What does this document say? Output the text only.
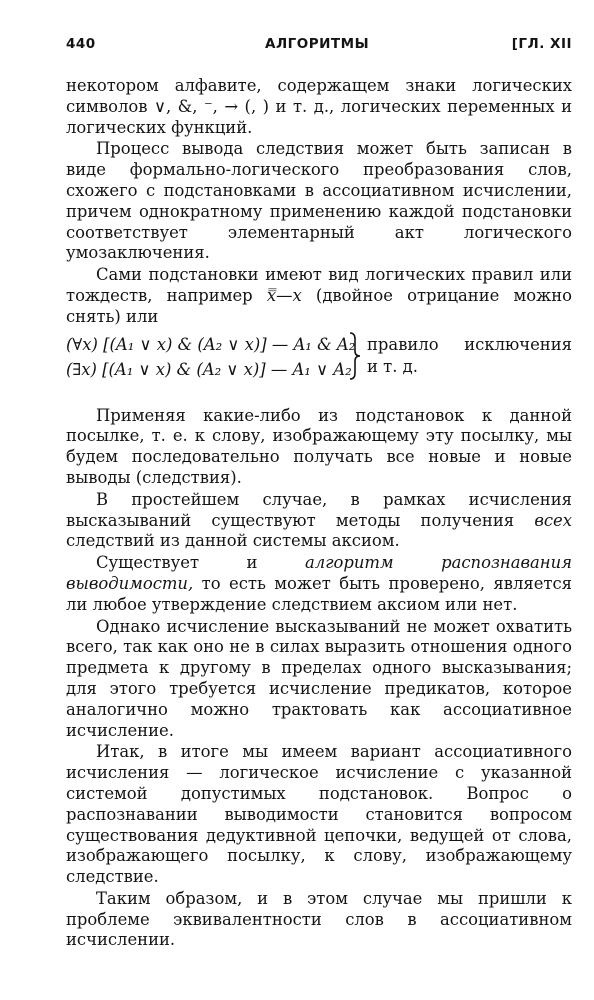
440	АЛГОРИТМЫ	[ГЛ. XII

некотором алфавите, содержащем знаки логических символов ∨, &, ⁻, → (, ) и т. д., логических переменных и логических функций.

Процесс вывода следствия может быть записан в виде формально-логического преобразования слов, схожего с подстановками в ассоциативном исчислении, причем однократному применению каждой подстановки соответствует элементарный акт логического умозаключения.

Сами подстановки имеют вид логических правил или тождеств, например x̿—x (двойное отрицание можно снять) или

(∀x) [(A₁ ∨ x) & (A₂ ∨ x)] — A₁ & A₂
(∃x) [(A₁ ∨ x) & (A₂ ∨ x)] — A₁ ∨ A₂
правило исключения
и т. д.

Применяя какие-либо из подстановок к данной посылке, т. е. к слову, изображающему эту посылку, мы будем последовательно получать все новые и новые выводы (следствия).

В простейшем случае, в рамках исчисления высказываний существуют методы получения всех следствий из данной системы аксиом.

Существует и алгоритм распознавания выводимости, то есть может быть проверено, является ли любое утверждение следствием аксиом или нет.

Однако исчисление высказываний не может охватить всего, так как оно не в силах выразить отношения одного предмета к другому в пределах одного высказывания; для этого требуется исчисление предикатов, которое аналогично можно трактовать как ассоциативное исчисление.

Итак, в итоге мы имеем вариант ассоциативного исчисления — логическое исчисление с указанной системой допустимых подстановок. Вопрос о распознавании выводимости становится вопросом существования дедуктивной цепочки, ведущей от слова, изображающего посылку, к слову, изображающему следствие.

Таким образом, и в этом случае мы пришли к проблеме эквивалентности слов в ассоциативном исчислении.
